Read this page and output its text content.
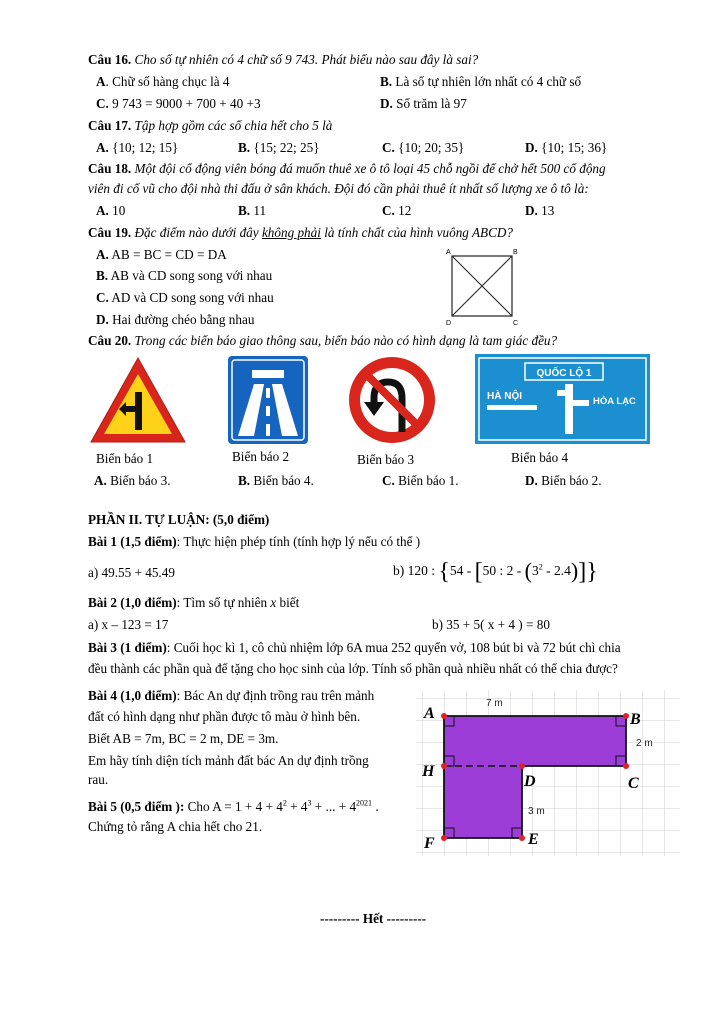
Câu 16. Cho số tự nhiên có 4 chữ số 9 743. Phát biểu nào sau đây là sai?
A. Chữ số hàng chục là 4	B. Là số tự nhiên lớn nhất có 4 chữ số
C. 9 743 = 9000 + 700 + 40 +3	D. Số trăm là 97
Câu 17. Tập hợp gồm các số chia hết cho 5 là
A. {10; 12; 15}	B. {15; 22; 25}	C. {10; 20; 35}	D. {10; 15; 36}
Câu 18. Một đội cổ động viên bóng đá muốn thuê xe ô tô loại 45 chỗ ngồi để chở hết 500 cổ động
viên đi cổ vũ cho đội nhà thi đấu ở sân khách. Đội đó cần phải thuê ít nhất số lượng xe ô tô là:
A. 10	B. 11	C. 12	D. 13
Câu 19. Đặc điểm nào dưới đây không phải là tính chất của hình vuông ABCD?
A. AB = BC = CD = DA
B. AB và CD song song với nhau
C. AD và CD song song với nhau
D. Hai đường chéo bằng nhau
A	B
C
D
Câu 20. Trong các biển báo giao thông sau, biển báo nào có hình dạng là tam giác đều?
QUỐC LỘ 1
HÀ NỘI	HÒA LẠC
Biển báo 1	Biển báo 2	Biển báo 3	Biển báo 4
A. Biển báo 3.	B. Biển báo 4.	C. Biển báo 1.	D. Biển báo 2.
PHẦN II. TỰ LUẬN: (5,0 điểm)
Bài 1 (1,5 điểm): Thực hiện phép tính (tính hợp lý nếu có thể )
a) 49.55 + 45.49	b) 120 : {54 - [50 : $2 - (3^2 - 2.4)$]}
Bài 2 (1,0 điểm): Tìm số tự nhiên x biết
a) x – 123 = 17	b) 35 + 5( x + 4 ) = 80
Bài 3 (1 điểm): Cuối học kì 1, cô chủ nhiệm lớp 6A mua 252 quyển vở, 108 bút bi và 72 bút chì chia
đều thành các phần quà để tặng cho học sinh của lớp. Tính số phần quà nhiều nhất có thể chia được?
Bài 4 (1,0 điểm): Bác An dự định trồng rau trên mảnh
đất có hình dạng như phần được tô màu ở hình bên.
Biết AB = 7m, BC = 2 m, DE = 3m.
Em hãy tính diện tích mảnh đất bác An dự định trồng
rau.
Bài 5 (0,5 điểm ): Cho $A = 1 + 4 + 4^2 + 4^3$ + ... + $4^{2021}$ .
Chứng tỏ rằng A chia hết cho 21.
7 m
2 m
3 m
A	B
C
D
E
F
H
--------- Hết ---------
